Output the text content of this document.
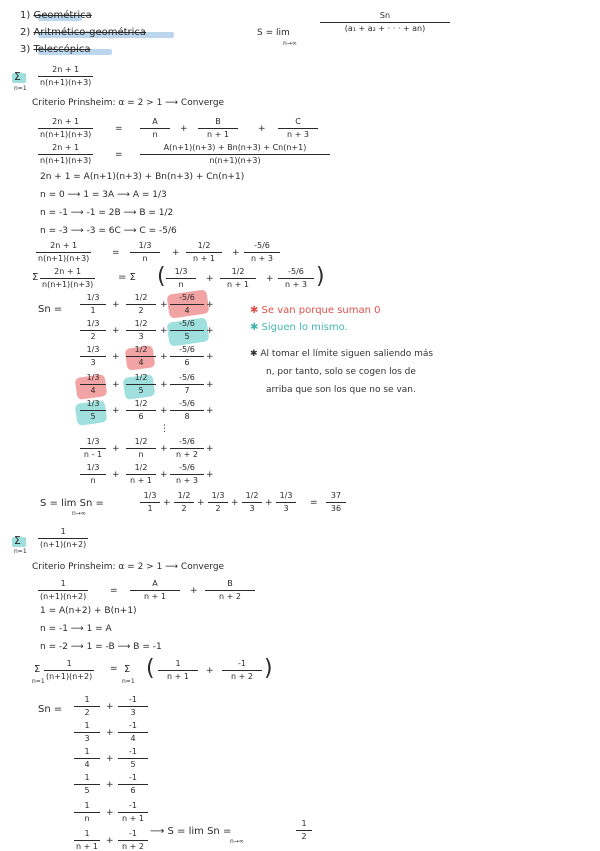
1) Geométrica
2) Aritmético-geométrica
3) Telescópica
S = lim
n→∞
Sn
(a₁ + a₂ + · · · + an)
Σ
n=1
2n + 1
n(n+1)(n+3)
Criterio Prinsheim: α = 2 > 1 ⟶ Converge
2n + 1
n(n+1)(n+3)
=
A
n
+
B
n + 1
+
C
n + 3
2n + 1
n(n+1)(n+3)
=
A(n+1)(n+3) + Bn(n+3) + Cn(n+1)
n(n+1)(n+3)
2n + 1 = A(n+1)(n+3) + Bn(n+3) + Cn(n+1)
n = 0 ⟶ 1 = 3A ⟶ A = 1/3
n = -1 ⟶ -1 = 2B ⟶ B = 1/2
n = -3 ⟶ -3 = 6C ⟶ C = -5/6
2n + 1
n(n+1)(n+3)
=
1/3
n
+
1/2
n + 1
+
-5/6
n + 3
Σ
2n + 1
n(n+1)(n+3)
= Σ ( 1/3
n
+
1/2
n + 1
+
-5/6
n + 3 )
Sn =
1/3
1
+
1/2
2
+
-5/6
4
+
1/3
2
+
1/2
3
+
-5/6
5
+
1/3
3
+
1/2
4
+
-5/6
6
+
1/3
4
+
1/2
5
+
-5/6
7
+
1/3
5
+
1/2
6
+
-5/6
8
+
1/3
n - 1
+
1/2
n
+
-5/6
n + 2
+
1/3
n
+
1/2
n + 1
+
-5/6
n + 3
+
⋮
✱ Se van porque suman 0
✱ Siguen lo mismo.
✱ Al tomar el límite siguen saliendo más
n, por tanto, solo se cogen los de
arriba que son los que no se van.
S = lim Sn =
n→∞
1/3
1
+
1/2
2
+
1/3
2
+
1/2
3
+
1/3
3
37
36
=
Σ
n=1
1
(n+1)(n+2)
Criterio Prinsheim: α = 2 > 1 ⟶ Converge
1
(n+1)(n+2)
=
A
n + 1
+
B
n + 2
1 = A(n+2) + B(n+1)
n = -1 ⟶ 1 = A
n = -2 ⟶ 1 = -B ⟶ B = -1
Σ
n=1
1
(n+1)(n+2)
= Σ
n=1
(	1
n + 1
+
-1
n + 2 )
Sn =
1
2
+
-1
3
1
3
+
-1
4
1
4
+
-1
5
1
5
+
-1
6
1
n
+
-1
n + 1
1
n + 1
+
-1
n + 2
⟶ S = lim Sn =
n→∞
1
2
